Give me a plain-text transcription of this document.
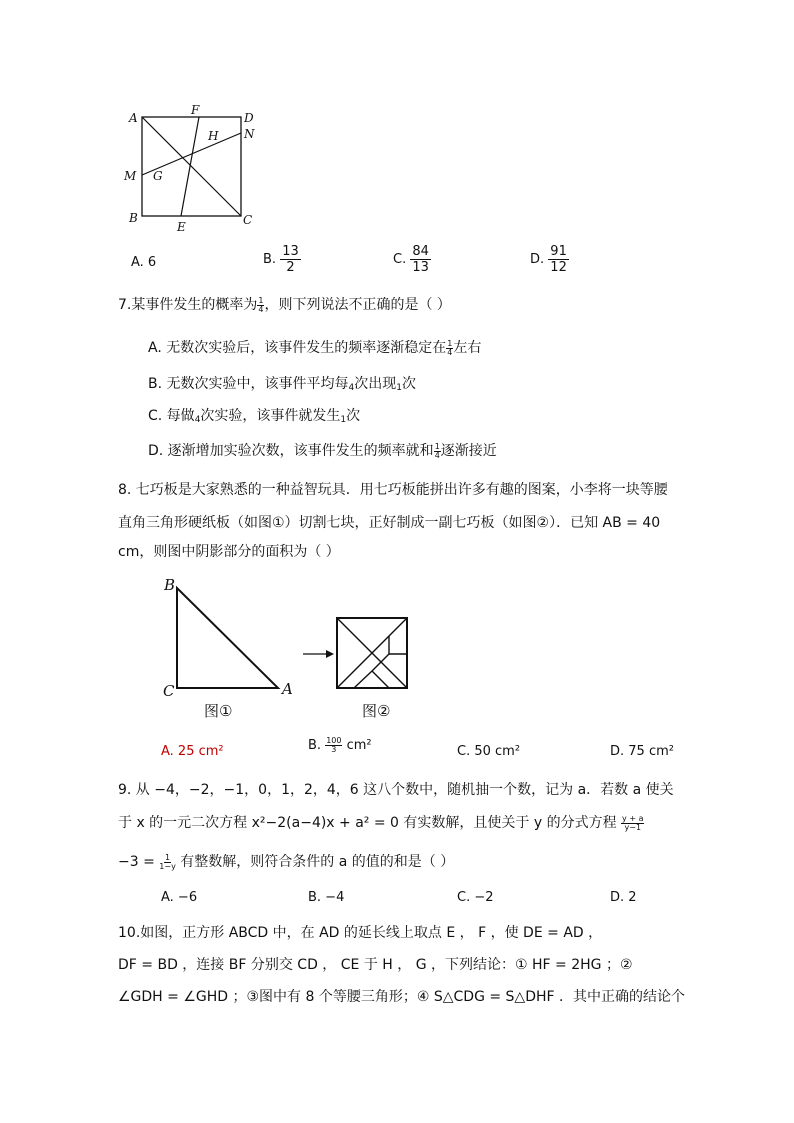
A
B	C
D
E
F
G
H
M
N
A. 6	B. $\frac{13}{2}$	C. $\frac{84}{13}$	D. $\frac{91}{12}$
7.某事件发生的概率为 $\frac{1}{4}$ ，则下列说法不正确的是（ ）
A. 无数次实验后，该事件发生的频率逐渐稳定在 $\frac{1}{4}$ 左右
B. 无数次实验中，该事件平均每$_4$次出现$_1$次
C. 每做$_4$次实验，该事件就发生$_1$次
D. 逐渐增加实验次数，该事件发生的频率就和 $\frac{1}{4}$ 逐渐接近
8. 七巧板是大家熟悉的一种益智玩具．用七巧板能拼出许多有趣的图案，小李将一块等腰
直角三角形硬纸板（如图①）切割七块，正好制成一副七巧板（如图②）．已知 AB = 40
cm，则图中阴影部分的面积为（ ）
B
C	A
图①	图②
A. 25 cm²	B. $\frac{100}{3} cm^2$	C. 50 cm²	D. 75 cm²
9. 从 −4，−2，−1，0，1，2，4，6 这八个数中，随机抽一个数，记为 a．若数 a 使关
于 x 的一元二次方程 x²−2(a−4)x + a² = 0 有实数解，且使关于 y 的分式方程 $\frac{y + a}{y-1}$
$-3 = \frac{1}{1-y}$ 有整数解，则符合条件的 a 的值的和是（ ）
A. −6	B. −4	C. −2	D. 2
10.如图，正方形 ABCD 中，在 AD 的延长线上取点 E ， F ，使 DE = AD ，
DF = BD ，连接 BF 分别交 CD ， CE 于 H ， G ，下列结论：① HF = 2HG ；②
∠GDH = ∠GHD ；③图中有 8 个等腰三角形；④ S△CDG = S△DHF ．其中正确的结论个
